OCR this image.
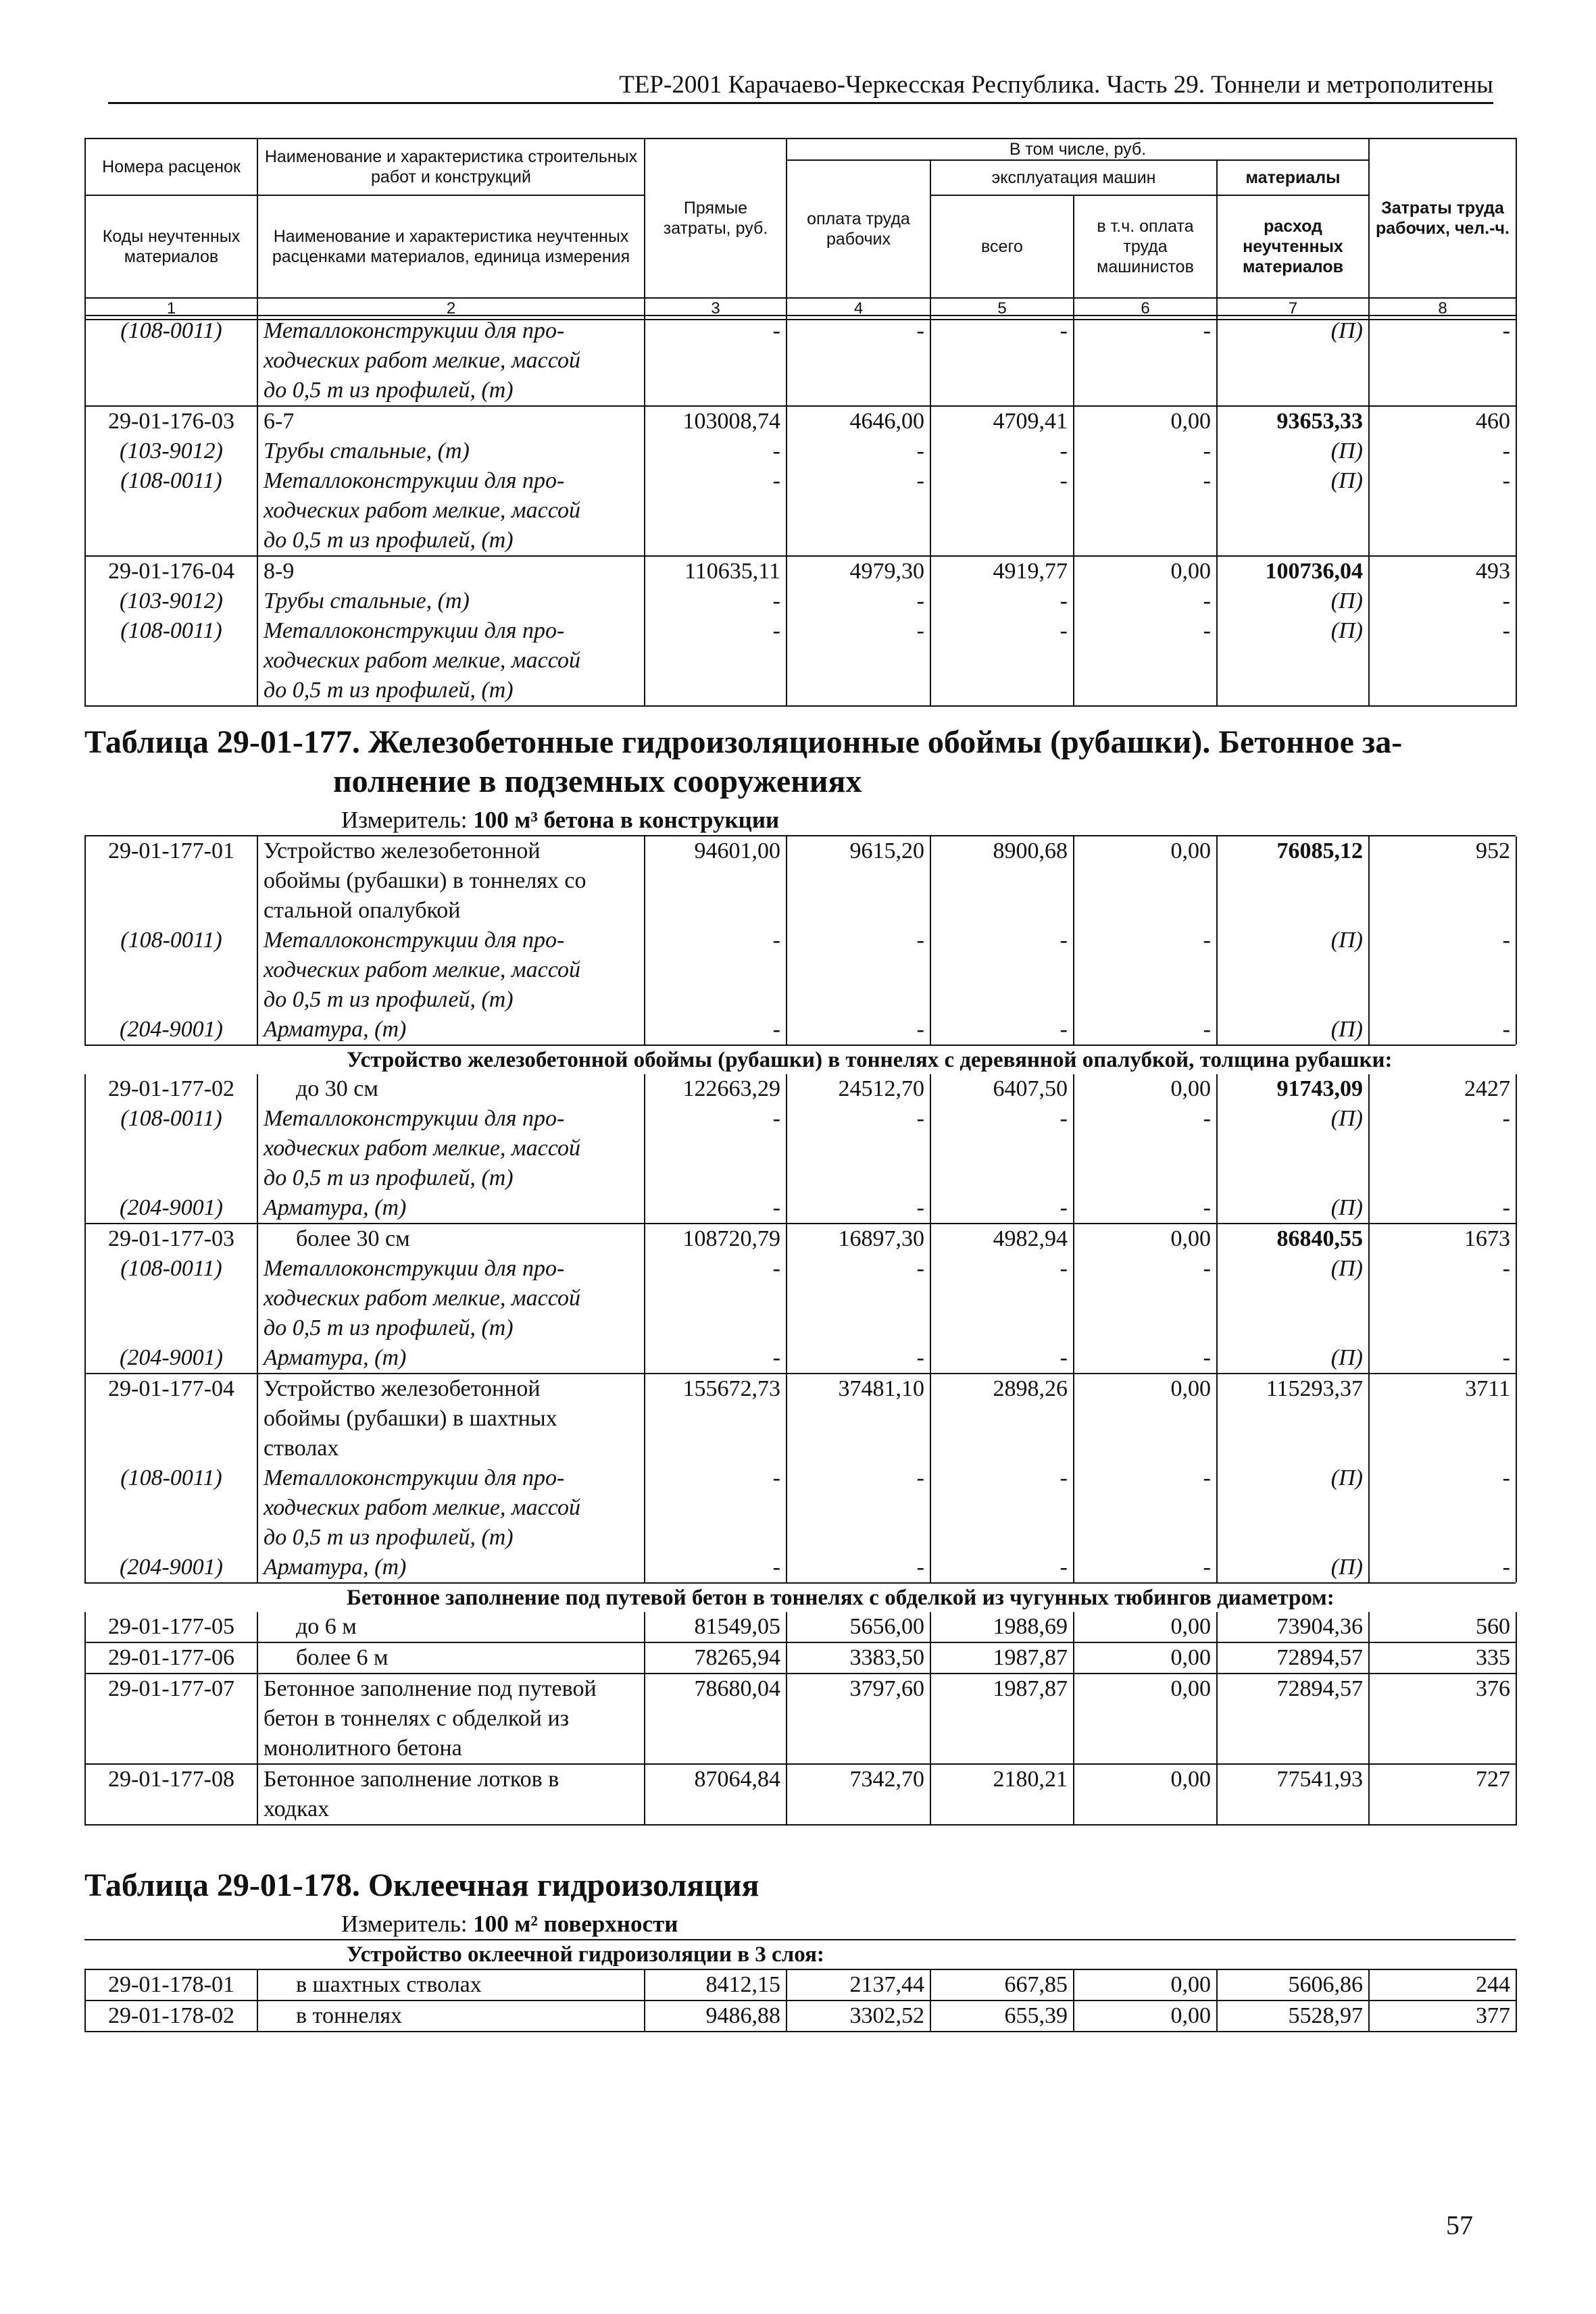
ТЕР-2001 Карачаево-Черкесская Республика. Часть 29. Тоннели и метрополитены
Номера расценок	Наименование и характеристика строительных работ и конструкций	Прямые затраты, руб.	В том числе, руб.				Затраты труда рабочих, чел.-ч.
			оплата труда рабочих	эксплуатация машин		материалы	
Коды неучтенных материалов	Наименование и характеристика неучтенных расценками материалов, единица измерения			всего	в т.ч. оплата труда машинистов	расход неучтенных материалов	

1	2	3	4	5	6	7	8
(108-0011)	Металлоконструкции для про-	-	-	-	-	(П)	-
	ходческих работ мелкие, массой						
	до 0,5 т из профилей, (т)						
29-01-176-03	6-7	103008,74	4646,00	4709,41	0,00	93653,33	460
(103-9012)	Трубы стальные, (т)	-	-	-	-	(П)	-
(108-0011)	Металлоконструкции для про-	-	-	-	-	(П)	-
	ходческих работ мелкие, массой						
	до 0,5 т из профилей, (т)						
29-01-176-04	8-9	110635,11	4979,30	4919,77	0,00	100736,04	493
(103-9012)	Трубы стальные, (т)	-	-	-	-	(П)	-
(108-0011)	Металлоконструкции для про-	-	-	-	-	(П)	-
	ходческих работ мелкие, массой						
	до 0,5 т из профилей, (т)						
Таблица 29-01-177. Железобетонные гидроизоляционные обоймы (рубашки). Бетонное за-
полнение в подземных сооружениях
Измеритель: 100 м³ бетона в конструкции
29-01-177-01	Устройство железобетонной	94601,00	9615,20	8900,68	0,00	76085,12	952
	обоймы (рубашки) в тоннелях со						
	стальной опалубкой						
(108-0011)	Металлоконструкции для про-	-	-	-	-	(П)	-
	ходческих работ мелкие, массой						
	до 0,5 т из профилей, (т)						
(204-9001)	Арматура, (т)	-	-	-	-	(П)	-
Устройство железобетонной обоймы (рубашки) в тоннелях с деревянной опалубкой, толщина рубашки:
29-01-177-02	до 30 см	122663,29	24512,70	6407,50	0,00	91743,09	2427
(108-0011)	Металлоконструкции для про-	-	-	-	-	(П)	-
	ходческих работ мелкие, массой						
	до 0,5 т из профилей, (т)						
(204-9001)	Арматура, (т)	-	-	-	-	(П)	-
29-01-177-03	более 30 см	108720,79	16897,30	4982,94	0,00	86840,55	1673
(108-0011)	Металлоконструкции для про-	-	-	-	-	(П)	-
	ходческих работ мелкие, массой						
	до 0,5 т из профилей, (т)						
(204-9001)	Арматура, (т)	-	-	-	-	(П)	-
29-01-177-04	Устройство железобетонной	155672,73	37481,10	2898,26	0,00	115293,37	3711
	обоймы (рубашки) в шахтных						
	стволах						
(108-0011)	Металлоконструкции для про-	-	-	-	-	(П)	-
	ходческих работ мелкие, массой						
	до 0,5 т из профилей, (т)						
(204-9001)	Арматура, (т)	-	-	-	-	(П)	-
Бетонное заполнение под путевой бетон в тоннелях с обделкой из чугунных тюбингов диаметром:
29-01-177-05	до 6 м	81549,05	5656,00	1988,69	0,00	73904,36	560
29-01-177-06	более 6 м	78265,94	3383,50	1987,87	0,00	72894,57	335
29-01-177-07	Бетонное заполнение под путевой	78680,04	3797,60	1987,87	0,00	72894,57	376
	бетон в тоннелях с обделкой из						
	монолитного бетона						
29-01-177-08	Бетонное заполнение лотков в	87064,84	7342,70	2180,21	0,00	77541,93	727
	ходках						
Таблица 29-01-178. Оклеечная гидроизоляция
Измеритель: 100 м² поверхности
Устройство оклеечной гидроизоляции в 3 слоя:
29-01-178-01	в шахтных стволах	8412,15	2137,44	667,85	0,00	5606,86	244
29-01-178-02	в тоннелях	9486,88	3302,52	655,39	0,00	5528,97	377
57
